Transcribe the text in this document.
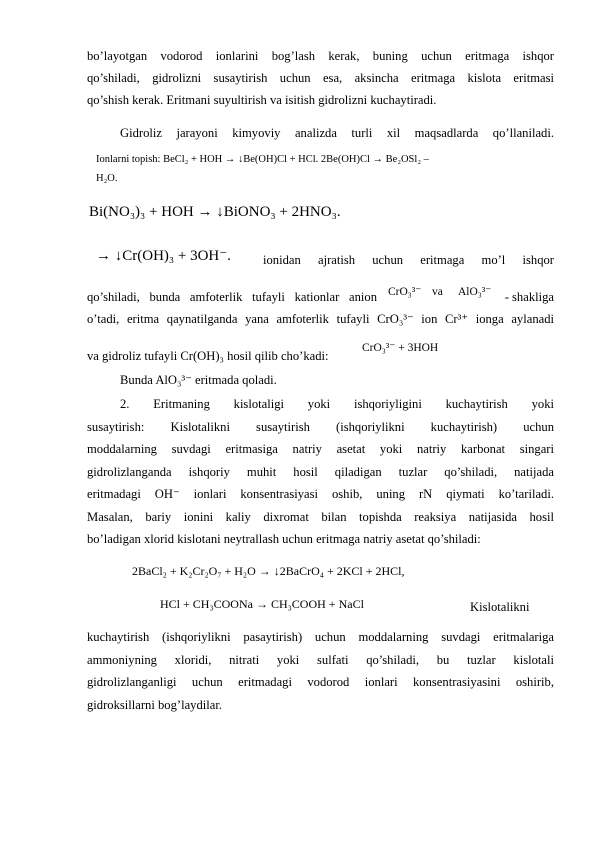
bo’layotgan vodorod ionlarini bog’lash kerak, buning uchun eritmaga ishqor
qo’shiladi, gidrolizni susaytirish uchun esa, aksincha eritmaga kislota eritmasi
qo’shish kerak. Eritmani suyultirish va isitish gidrolizni kuchaytiradi.
Gidroliz jarayoni kimyoviy analizda turli xil maqsadlarda qo’llaniladi.
Ionlarni topish: BeCl₂ + HOH → ↓Be(OH)Cl + HCl. 2Be(OH)Cl → Be₂OSl₂ –
H₂O.
Bi(NO₃)₃ + HOH → ↓BiONO₃ + 2HNO₃.
→ ↓Cr(OH)₃ + 3OH⁻.	ionidan ajratish uchun eritmaga mo’l ishqor
qo’shiladi, bunda amfoterlik tufayli kationlar anion CrO₃³⁻ va AlO₃³⁻	- shakliga
o’tadi, eritma qaynatilganda yana amfoterlik tufayli CrO₃³⁻ ion Cr³⁺ ionga aylanadi
va gidroliz tufayli Cr(OH)₃ hosil qilib cho’kadi:
CrO₃³⁻ + 3HOH
Bunda AlO₃³⁻ eritmada qoladi.
2. Eritmaning kislotaligi yoki ishqoriyligini kuchaytirish yoki
susaytirish: Kislotalikni susaytirish (ishqoriylikni kuchaytirish) uchun
moddalarning suvdagi eritmasiga natriy asetat yoki natriy karbonat singari
gidrolizlanganda ishqoriy muhit hosil qiladigan tuzlar qo’shiladi, natijada
eritmadagi OH⁻ ionlari konsentrasiyasi oshib, uning rN qiymati ko’tariladi.
Masalan, bariy ionini kaliy dixromat bilan topishda reaksiya natijasida hosil
bo’ladigan xlorid kislotani neytrallash uchun eritmaga natriy asetat qo’shiladi:
2BaCl₂ + K₂Cr₂O₇ + H₂O → ↓2BaCrO₄ + 2KCl + 2HCl,
HCl + CH₃COONa → CH₃COOH + NaCl	Kislotalikni
kuchaytirish (ishqoriylikni pasaytirish) uchun moddalarning suvdagi eritmalariga
ammoniyning xloridi, nitrati yoki sulfati qo’shiladi, bu tuzlar kislotali
gidrolizlanganligi uchun eritmadagi vodorod ionlari konsentrasiyasini oshirib,
gidroksillarni bog’laydilar.
